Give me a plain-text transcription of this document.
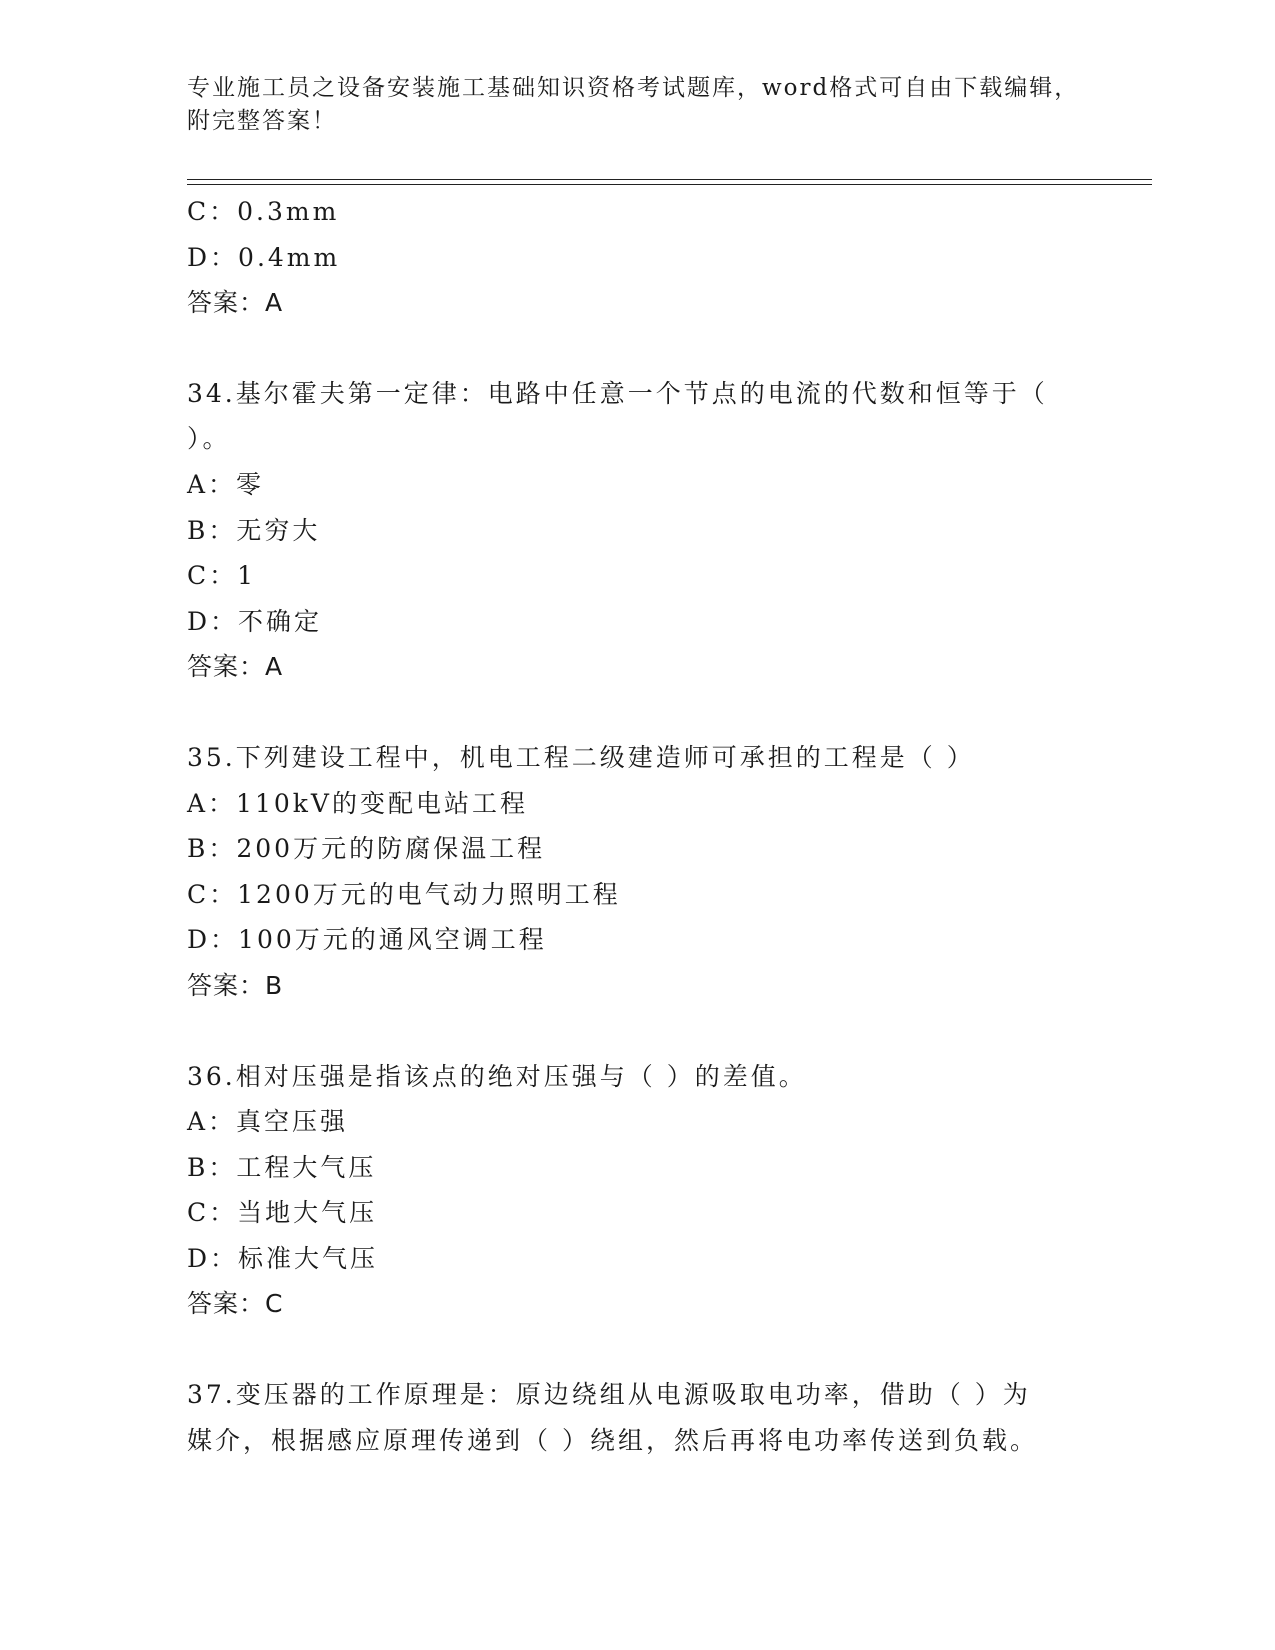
专业施工员之设备安装施工基础知识资格考试题库，word格式可自由下载编辑，
附完整答案！
C：0.3mm
D：0.4mm
答案：A
34.基尔霍夫第一定律：电路中任意一个节点的电流的代数和恒等于（
）。
A：零
B：无穷大
C：1
D：不确定
答案：A
35.下列建设工程中，机电工程二级建造师可承担的工程是（ ）
A：110kV的变配电站工程
B：200万元的防腐保温工程
C：1200万元的电气动力照明工程
D：100万元的通风空调工程
答案：B
36.相对压强是指该点的绝对压强与（ ）的差值。
A：真空压强
B：工程大气压
C：当地大气压
D：标准大气压
答案：C
37.变压器的工作原理是：原边绕组从电源吸取电功率，借助（ ）为
媒介，根据感应原理传递到（ ）绕组，然后再将电功率传送到负载。
